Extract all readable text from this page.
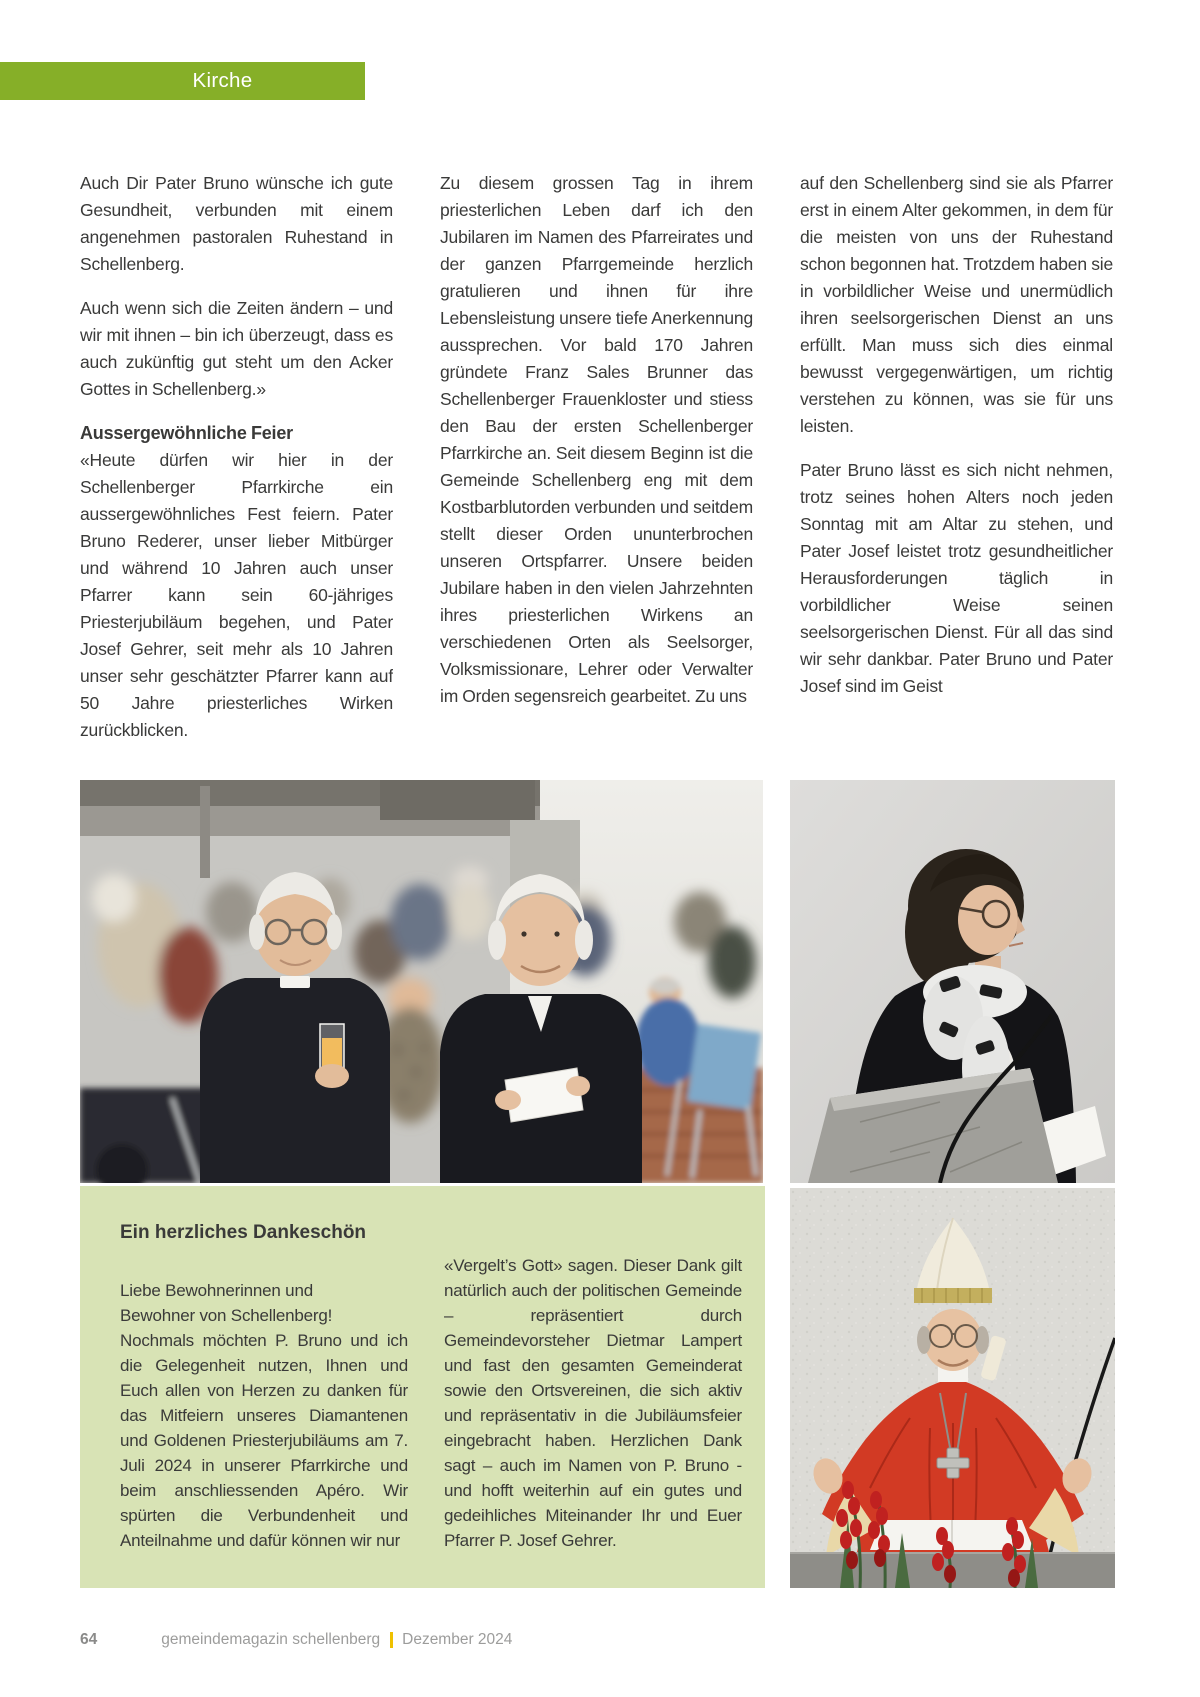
Kirche

Auch Dir Pater Bruno wünsche ich gute Gesundheit, verbunden mit einem angenehmen pastoralen Ruhestand in Schellenberg.

Auch wenn sich die Zeiten ändern – und wir mit ihnen – bin ich überzeugt, dass es auch zukünftig gut steht um den Acker Gottes in Schellenberg.»

Aussergewöhnliche Feier

«Heute dürfen wir hier in der Schellenberger Pfarrkirche ein aussergewöhnliches Fest feiern. Pater Bruno Rederer, unser lieber Mitbürger und während 10 Jahren auch unser Pfarrer kann sein 60-jähriges Priesterjubiläum begehen, und Pater Josef Gehrer, seit mehr als 10 Jahren unser sehr geschätzter Pfarrer kann auf 50 Jahre priesterliches Wirken zurückblicken.

Zu diesem grossen Tag in ihrem priesterlichen Leben darf ich den Jubilaren im Namen des Pfarreirates und der ganzen Pfarrgemeinde herzlich gratulieren und ihnen für ihre Lebensleistung unsere tiefe Anerkennung aussprechen. Vor bald 170 Jahren gründete Franz Sales Brunner das Schellenberger Frauenkloster und stiess den Bau der ersten Schellenberger Pfarrkirche an. Seit diesem Beginn ist die Gemeinde Schellenberg eng mit dem Kostbarblutorden verbunden und seitdem stellt dieser Orden ununterbrochen unseren Ortspfarrer. Unsere beiden Jubilare haben in den vielen Jahrzehnten ihres priesterlichen Wirkens an verschiedenen Orten als Seelsorger, Volksmissionare, Lehrer oder Verwalter im Orden segensreich gearbeitet. Zu uns

auf den Schellenberg sind sie als Pfarrer erst in einem Alter gekommen, in dem für die meisten von uns der Ruhestand schon begonnen hat. Trotzdem haben sie in vorbildlicher Weise und unermüdlich ihren seelsorgerischen Dienst an uns erfüllt. Man muss sich dies einmal bewusst vergegenwärtigen, um richtig verstehen zu können, was sie für uns leisten.

Pater Bruno lässt es sich nicht nehmen, trotz seines hohen Alters noch jeden Sonntag mit am Altar zu stehen, und Pater Josef leistet trotz gesundheitlicher Herausforderungen täglich in vorbildlicher Weise seinen seelsorgerischen Dienst. Für all das sind wir sehr dankbar. Pater Bruno und Pater Josef sind im Geist

Ein herzliches Dankeschön
Liebe Bewohnerinnen und
Bewohner von Schellenberg!

Nochmals möchten P. Bruno und ich die Gelegenheit nutzen, Ihnen und Euch allen von Herzen zu danken für das Mitfeiern unseres Diamantenen und Goldenen Priesterjubiläums am 7. Juli 2024 in unserer Pfarrkirche und beim anschliessenden Apéro. Wir spürten die Verbundenheit und Anteilnahme und dafür können wir nur

«Vergelt’s Gott» sagen. Dieser Dank gilt natürlich auch der politischen Gemeinde – repräsentiert durch Gemeindevorsteher Dietmar Lampert und fast den gesamten Gemeinderat sowie den Ortsvereinen, die sich aktiv und repräsentativ in die Jubiläumsfeier eingebracht haben. Herzlichen Dank sagt – auch im Namen von P. Bruno - und hofft weiterhin auf ein gutes und gedeihliches Miteinander Ihr und Euer Pfarrer P. Josef Gehrer.

64	gemeindemagazin schellenberg Dezember 2024
